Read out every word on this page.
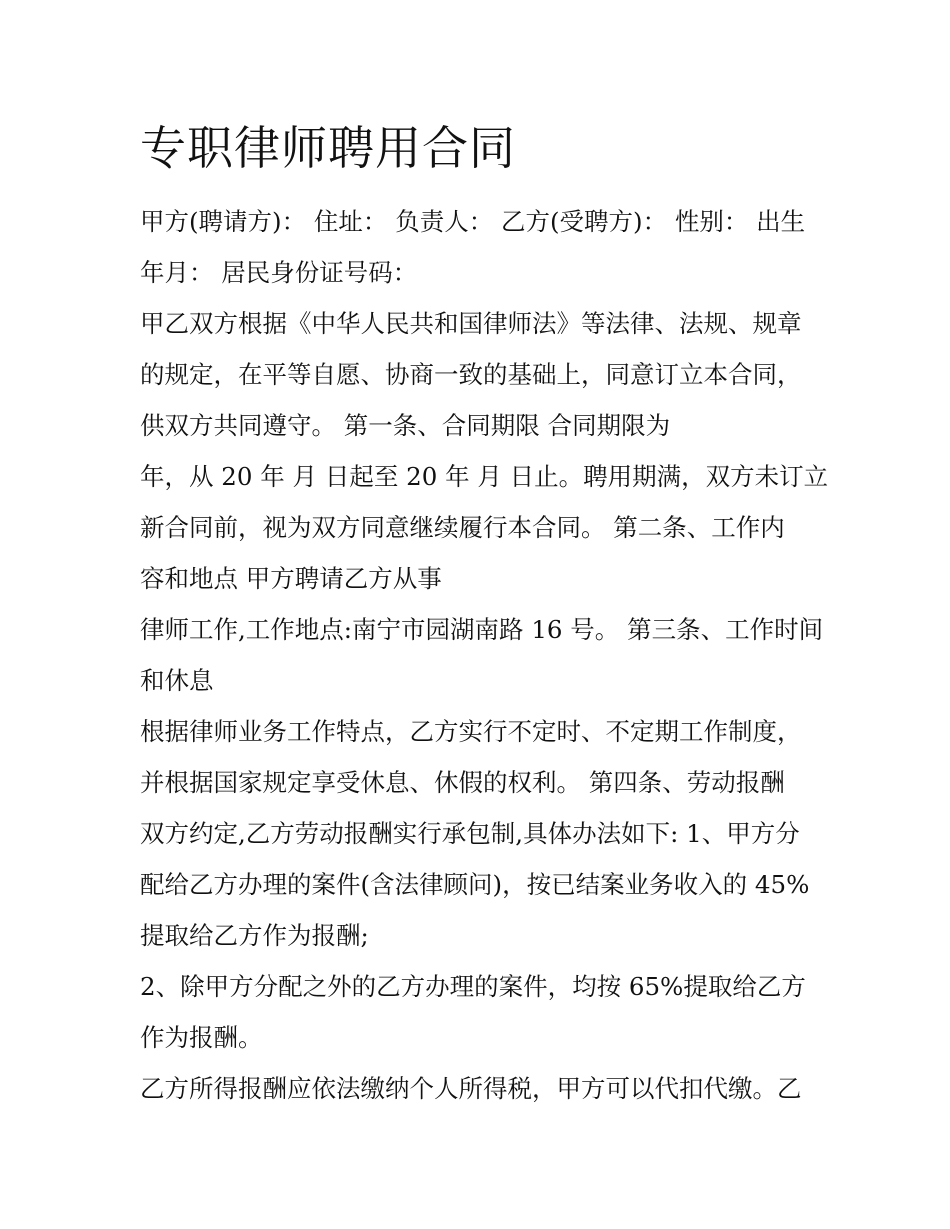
专职律师聘用合同

甲方(聘请方)： 住址： 负责人： 乙方(受聘方)： 性别： 出生

年月： 居民身份证号码：

甲乙双方根据《中华人民共和国律师法》等法律、法规、规章

的规定，在平等自愿、协商一致的基础上，同意订立本合同，

供双方共同遵守。 第一条、合同期限 合同期限为

年，从 20 年 月 日起至 20 年 月 日止。聘用期满，双方未订立

新合同前，视为双方同意继续履行本合同。 第二条、工作内

容和地点 甲方聘请乙方从事

律师工作,工作地点:南宁市园湖南路 16 号。 第三条、工作时间

和休息

根据律师业务工作特点，乙方实行不定时、不定期工作制度，

并根据国家规定享受休息、休假的权利。 第四条、劳动报酬

双方约定,乙方劳动报酬实行承包制,具体办法如下: 1、甲方分

配给乙方办理的案件(含法律顾问)，按已结案业务收入的 45%

提取给乙方作为报酬;

2、除甲方分配之外的乙方办理的案件，均按 65%提取给乙方

作为报酬。

乙方所得报酬应依法缴纳个人所得税，甲方可以代扣代缴。乙
